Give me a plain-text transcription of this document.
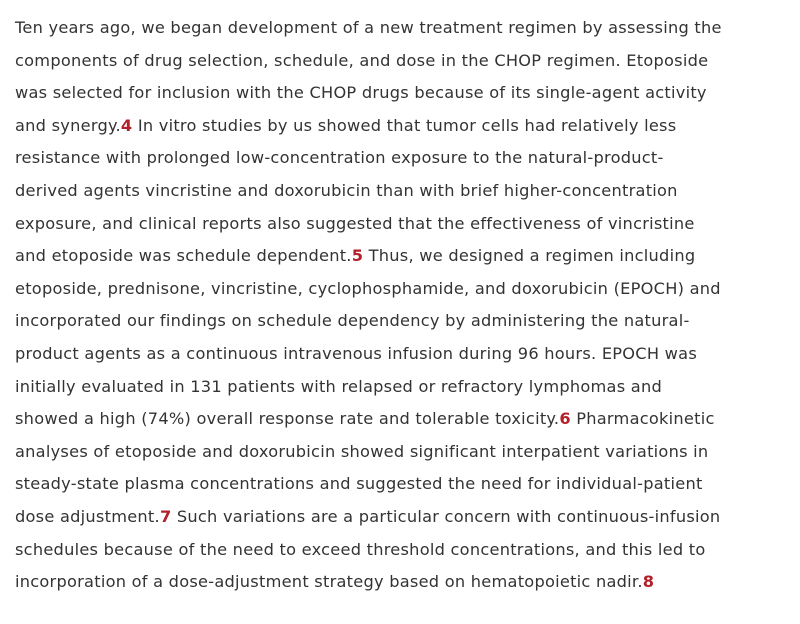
Ten years ago, we began development of a new treatment regimen by assessing the
components of drug selection, schedule, and dose in the CHOP regimen. Etoposide
was selected for inclusion with the CHOP drugs because of its single-agent activity
and synergy.4 In vitro studies by us showed that tumor cells had relatively less
resistance with prolonged low-concentration exposure to the natural-product-
derived agents vincristine and doxorubicin than with brief higher-concentration
exposure, and clinical reports also suggested that the effectiveness of vincristine
and etoposide was schedule dependent.5 Thus, we designed a regimen including
etoposide, prednisone, vincristine, cyclophosphamide, and doxorubicin (EPOCH) and
incorporated our findings on schedule dependency by administering the natural-
product agents as a continuous intravenous infusion during 96 hours. EPOCH was
initially evaluated in 131 patients with relapsed or refractory lymphomas and
showed a high (74%) overall response rate and tolerable toxicity.6 Pharmacokinetic
analyses of etoposide and doxorubicin showed significant interpatient variations in
steady-state plasma concentrations and suggested the need for individual-patient
dose adjustment.7 Such variations are a particular concern with continuous-infusion
schedules because of the need to exceed threshold concentrations, and this led to
incorporation of a dose-adjustment strategy based on hematopoietic nadir.8
